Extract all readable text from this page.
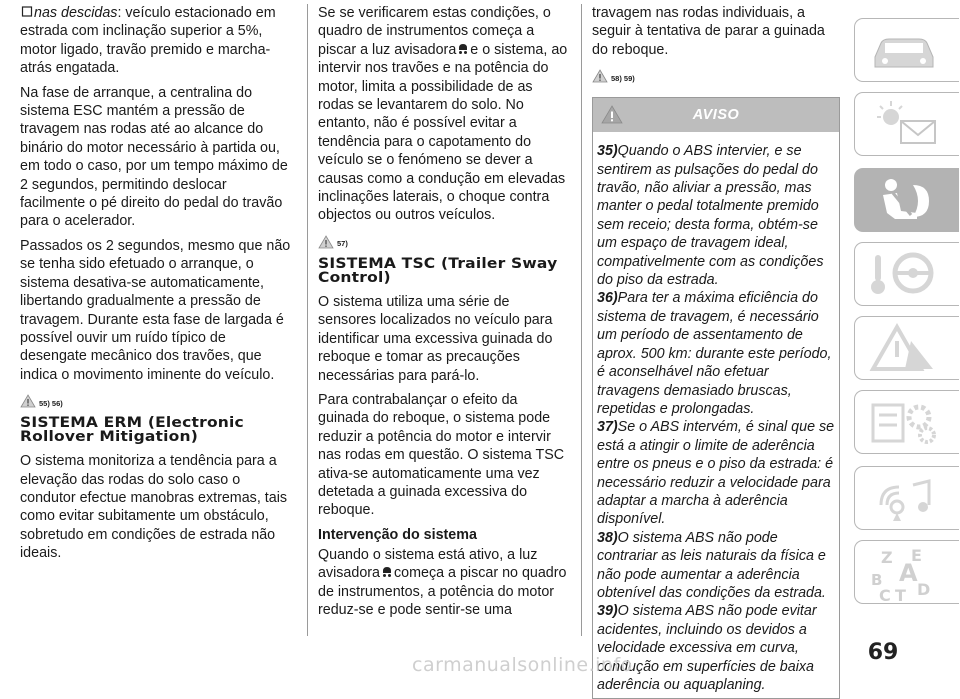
nas descidas: veículo estacionado em estrada com inclinação superior a 5%, motor ligado, travão premido e marcha-atrás engatada.

Na fase de arranque, a centralina do sistema ESC mantém a pressão de travagem nas rodas até ao alcance do binário do motor necessário à partida ou, em todo o caso, por um tempo máximo de 2 segundos, permitindo deslocar facilmente o pé direito do pedal do travão para o acelerador.

Passados os 2 segundos, mesmo que não se tenha sido efetuado o arranque, o sistema desativa-se automaticamente, libertando gradualmente a pressão de travagem. Durante esta fase de largada é possível ouvir um ruído típico de desengate mecânico dos travões, que indica o movimento iminente do veículo.

55) 56)
SISTEMA ERM (Electronic Rollover Mitigation)

O sistema monitoriza a tendência para a elevação das rodas do solo caso o condutor efectue manobras extremas, tais como evitar subitamente um obstáculo, sobretudo em condições de estrada não ideais.

Se se verificarem estas condições, o quadro de instrumentos começa a piscar a luz avisadora e o sistema, ao intervir nos travões e na potência do motor, limita a possibilidade de as rodas se levantarem do solo. No entanto, não é possível evitar a tendência para o capotamento do veículo se o fenómeno se dever a causas como a condução em elevadas inclinações laterais, o choque contra objectos ou outros veículos.

57)
SISTEMA TSC (Trailer Sway Control)

O sistema utiliza uma série de sensores localizados no veículo para identificar uma excessiva guinada do reboque e tomar as precauções necessárias para pará-lo.

Para contrabalançar o efeito da guinada do reboque, o sistema pode reduzir a potência do motor e intervir nas rodas em questão. O sistema TSC ativa-se automaticamente uma vez detetada a guinada excessiva do reboque.

Intervenção do sistema

Quando o sistema está ativo, a luz avisadora começa a piscar no quadro de instrumentos, a potência do motor reduz-se e pode sentir-se uma

travagem nas rodas individuais, a seguir à tentativa de parar a guinada do reboque.

58) 59)
AVISO

35)Quando o ABS intervier, e se sentirem as pulsações do pedal do travão, não aliviar a pressão, mas manter o pedal totalmente premido sem receio; desta forma, obtém-se um espaço de travagem ideal, compativelmente com as condições do piso da estrada.

36)Para ter a máxima eficiência do sistema de travagem, é necessário um período de assentamento de aprox. 500 km: durante este período, é aconselhável não efetuar travagens demasiado bruscas, repetidas e prolongadas.

37)Se o ABS intervém, é sinal que se está a atingir o limite de aderência entre os pneus e o piso da estrada: é necessário reduzir a velocidade para adaptar a marcha à aderência disponível.

38)O sistema ABS não pode contrariar as leis naturais da física e não pode aumentar a aderência obtenível das condições da estrada.

39)O sistema ABS não pode evitar acidentes, incluindo os devidos a velocidade excessiva em curva, condução em superfícies de baixa aderência ou aquaplaning.

Z E
B A
C T D
69
carmanualsonline.info
